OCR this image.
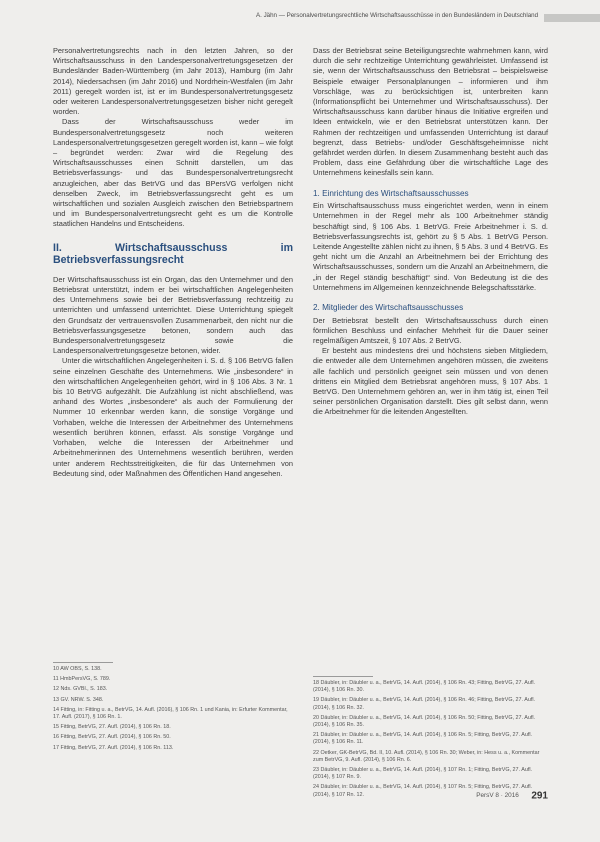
A. Jähn — Personalvertretungsrechtliche Wirtschaftsausschüsse in den Bundesländern in Deutschland

Personalvertretungsrechts nach in den letzten Jahren, so der Wirtschaftsausschuss in den Landespersonalvertretungsgesetzen der Bundesländer Baden-Württemberg (im Jahr 2013), Hamburg (im Jahr 2014), Niedersachsen (im Jahr 2016) und Nordrhein-Westfalen (im Jahr 2011) geregelt worden ist, ist er im Bundespersonalvertretungsgesetz oder weiteren Landespersonalvertretungsgesetzen bisher nicht geregelt worden.

Dass der Wirtschaftsausschuss weder im Bundespersonalvertretungsgesetz noch weiteren Landespersonalvertretungsgesetzen geregelt worden ist, kann – wie folgt – begründet werden: Zwar wird die Regelung des Wirtschaftsausschusses einen Schnitt darstellen, um das Betriebsverfassungs- und das Bundespersonalvertretungsrecht anzugleichen, aber das BetrVG und das BPersVG verfolgen nicht denselben Zweck, im Betriebsverfassungsrecht geht es um wirtschaftlichen und sozialen Ausgleich zwischen den Betriebspartnern und im Bundespersonalvertretungsrecht geht es um die Kontrolle staatlichen Handelns und Entscheidens.

II. Wirtschaftsausschuss im Betriebsverfassungsrecht

Der Wirtschaftsausschuss ist ein Organ, das den Unternehmer und den Betriebsrat unterstützt, indem er bei wirtschaftlichen Angelegenheiten des Unternehmens sowie bei der Betriebsverfassung rechtzeitig zu unterrichten und umfassend unterrichtet. Diese Unterrichtung spiegelt den Grundsatz der vertrauensvollen Zusammenarbeit, den nicht nur die Betriebsverfassungsgesetze betonen, sondern auch das Bundespersonalvertretungsgesetz sowie die Landespersonalvertretungsgesetze betonen, wider.

Unter die wirtschaftlichen Angelegenheiten i. S. d. § 106 BetrVG fallen seine einzelnen Geschäfte des Unternehmens. Wie „insbesondere“ in den wirtschaftlichen Angelegenheiten gehört, wird in § 106 Abs. 3 Nr. 1 bis 10 BetrVG aufgezählt. Die Aufzählung ist nicht abschließend, was anhand des Wortes „insbesondere“ als auch der Formulierung der Nummer 10 erkennbar werden kann, die sonstige Vorgänge und Vorhaben, welche die Interessen der Arbeitnehmer des Unternehmens wesentlich berühren können, erfasst. Als sonstige Vorgänge und Vorhaben, welche die Interessen der Arbeitnehmer und Arbeitnehmerinnen des Unternehmens wesentlich berühren, werden unter anderem Rechtsstreitigkeiten, die für das Unternehmen von Bedeutung sind, oder Maßnahmen des Öffentlichen Hand angesehen.

Dass der Betriebsrat seine Beteiligungsrechte wahrnehmen kann, wird durch die sehr rechtzeitige Unterrichtung gewährleistet. Umfassend ist sie, wenn der Wirtschaftsausschuss den Betriebsrat – beispielsweise Beispiele etwaiger Personalplanungen – informieren und ihm Vorschläge, was zu berücksichtigen ist, unterbreiten kann (Informationspflicht bei Unternehmer und Wirtschaftsausschuss). Der Wirtschaftsausschuss kann darüber hinaus die Initiative ergreifen und Ideen entwickeln, wie er den Betriebsrat unterstützen kann. Der Rahmen der rechtzeitigen und umfassenden Unterrichtung ist darauf begrenzt, dass Betriebs- und/oder Geschäftsgeheimnisse nicht gefährdet werden dürfen. In diesem Zusammenhang besteht auch das Problem, dass eine Gefährdung über die wirtschaftliche Lage des Unternehmens keinesfalls sein kann.

1. Einrichtung des Wirtschaftsausschusses

Ein Wirtschaftsausschuss muss eingerichtet werden, wenn in einem Unternehmen in der Regel mehr als 100 Arbeitnehmer ständig beschäftigt sind, § 106 Abs. 1 BetrVG. Freie Arbeitnehmer i. S. d. Betriebsverfassungsrechts ist, gehört zu § 5 Abs. 1 BetrVG Person. Leitende Angestellte zählen nicht zu ihnen, § 5 Abs. 3 und 4 BetrVG. Es geht nicht um die Anzahl an Arbeitnehmern bei der Errichtung des Wirtschaftsausschusses, sondern um die Anzahl an Arbeitnehmern, die „in der Regel ständig beschäftigt“ sind. Von Bedeutung ist die des Unternehmens im Allgemeinen kennzeichnende Belegschaftsstärke.

2. Mitglieder des Wirtschaftsausschusses

Der Betriebsrat bestellt den Wirtschaftsausschuss durch einen förmlichen Beschluss und einfacher Mehrheit für die Dauer seiner regelmäßigen Amtszeit, § 107 Abs. 2 BetrVG.

Er besteht aus mindestens drei und höchstens sieben Mitgliedern, die entweder alle dem Unternehmen angehören müssen, die zweitens alle fachlich und persönlich geeignet sein müssen und von denen drittens ein Mitglied dem Betriebsrat angehören muss, § 107 Abs. 1 BetrVG. Den Unternehmern gehören an, wer in ihm tätig ist, einen Teil seiner persönlichen Organisation darstellt. Dies gilt selbst dann, wenn die Arbeitnehmer für die leitenden Angestellten.

10 AW OBS, S. 138.
11 HmbPersVG, S. 789.
12 Nds. GVBl., S. 183.
13 GV. NRW. S. 348.
14 Fitting, in: Fitting u. a., BetrVG, 14. Aufl. (2016), § 106 Rn. 1 und Kania, in: Erfurter Kommentar, 17. Aufl. (2017), § 106 Rn. 1.
15 Fitting, BetrVG, 27. Aufl. (2014), § 106 Rn. 18.
16 Fitting, BetrVG, 27. Aufl. (2014), § 106 Rn. 50.
17 Fitting, BetrVG, 27. Aufl. (2014), § 106 Rn. 113.
18 Däubler, in: Däubler u. a., BetrVG, 14. Aufl. (2014), § 106 Rn. 43; Fitting, BetrVG, 27. Aufl. (2014), § 106 Rn. 30.
19 Däubler, in: Däubler u. a., BetrVG, 14. Aufl. (2014), § 106 Rn. 46; Fitting, BetrVG, 27. Aufl. (2014), § 106 Rn. 32.
20 Däubler, in: Däubler u. a., BetrVG, 14. Aufl. (2014), § 106 Rn. 50; Fitting, BetrVG, 27. Aufl. (2014), § 106 Rn. 35.
21 Däubler, in: Däubler u. a., BetrVG, 14. Aufl. (2014), § 106 Rn. 5; Fitting, BetrVG, 27. Aufl. (2014), § 106 Rn. 11.
22 Oetker, GK-BetrVG, Bd. II, 10. Aufl. (2014), § 106 Rn. 30; Weber, in: Hess u. a., Kommentar zum BetrVG, 9. Aufl. (2014), § 106 Rn. 6.
23 Däubler, in: Däubler u. a., BetrVG, 14. Aufl. (2014), § 107 Rn. 1; Fitting, BetrVG, 27. Aufl. (2014), § 107 Rn. 9.
24 Däubler, in: Däubler u. a., BetrVG, 14. Aufl. (2014), § 107 Rn. 5; Fitting, BetrVG, 27. Aufl. (2014), § 107 Rn. 12.	PersV 8 · 2016 291
